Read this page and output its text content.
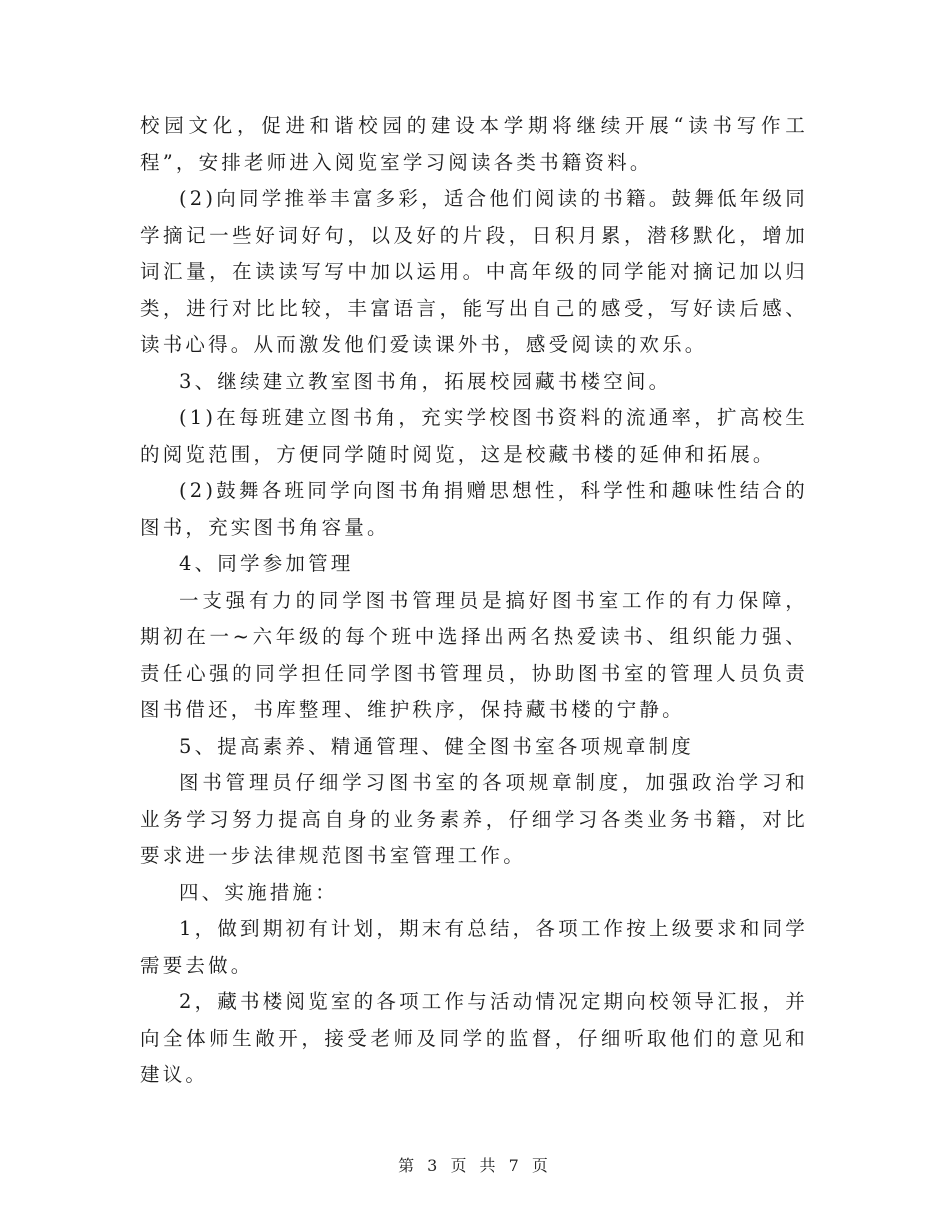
校园文化，促进和谐校园的建设本学期将继续开展“读书写作工程”，安排老师进入阅览室学习阅读各类书籍资料。

(2)向同学推举丰富多彩，适合他们阅读的书籍。鼓舞低年级同学摘记一些好词好句，以及好的片段，日积月累，潜移默化，增加词汇量，在读读写写中加以运用。中高年级的同学能对摘记加以归类，进行对比比较，丰富语言，能写出自己的感受，写好读后感、读书心得。从而激发他们爱读课外书，感受阅读的欢乐。

3、继续建立教室图书角，拓展校园藏书楼空间。

(1)在每班建立图书角，充实学校图书资料的流通率，扩高校生的阅览范围，方便同学随时阅览，这是校藏书楼的延伸和拓展。

(2)鼓舞各班同学向图书角捐赠思想性，科学性和趣味性结合的图书，充实图书角容量。

4、同学参加管理

一支强有力的同学图书管理员是搞好图书室工作的有力保障，期初在一~六年级的每个班中选择出两名热爱读书、组织能力强、责任心强的同学担任同学图书管理员，协助图书室的管理人员负责图书借还，书库整理、维护秩序，保持藏书楼的宁静。

5、提高素养、精通管理、健全图书室各项规章制度

图书管理员仔细学习图书室的各项规章制度，加强政治学习和业务学习努力提高自身的业务素养，仔细学习各类业务书籍，对比要求进一步法律规范图书室管理工作。

四、实施措施：

1，做到期初有计划，期末有总结，各项工作按上级要求和同学需要去做。

2，藏书楼阅览室的各项工作与活动情况定期向校领导汇报，并向全体师生敞开，接受老师及同学的监督，仔细听取他们的意见和建议。

第 3 页 共 7 页
